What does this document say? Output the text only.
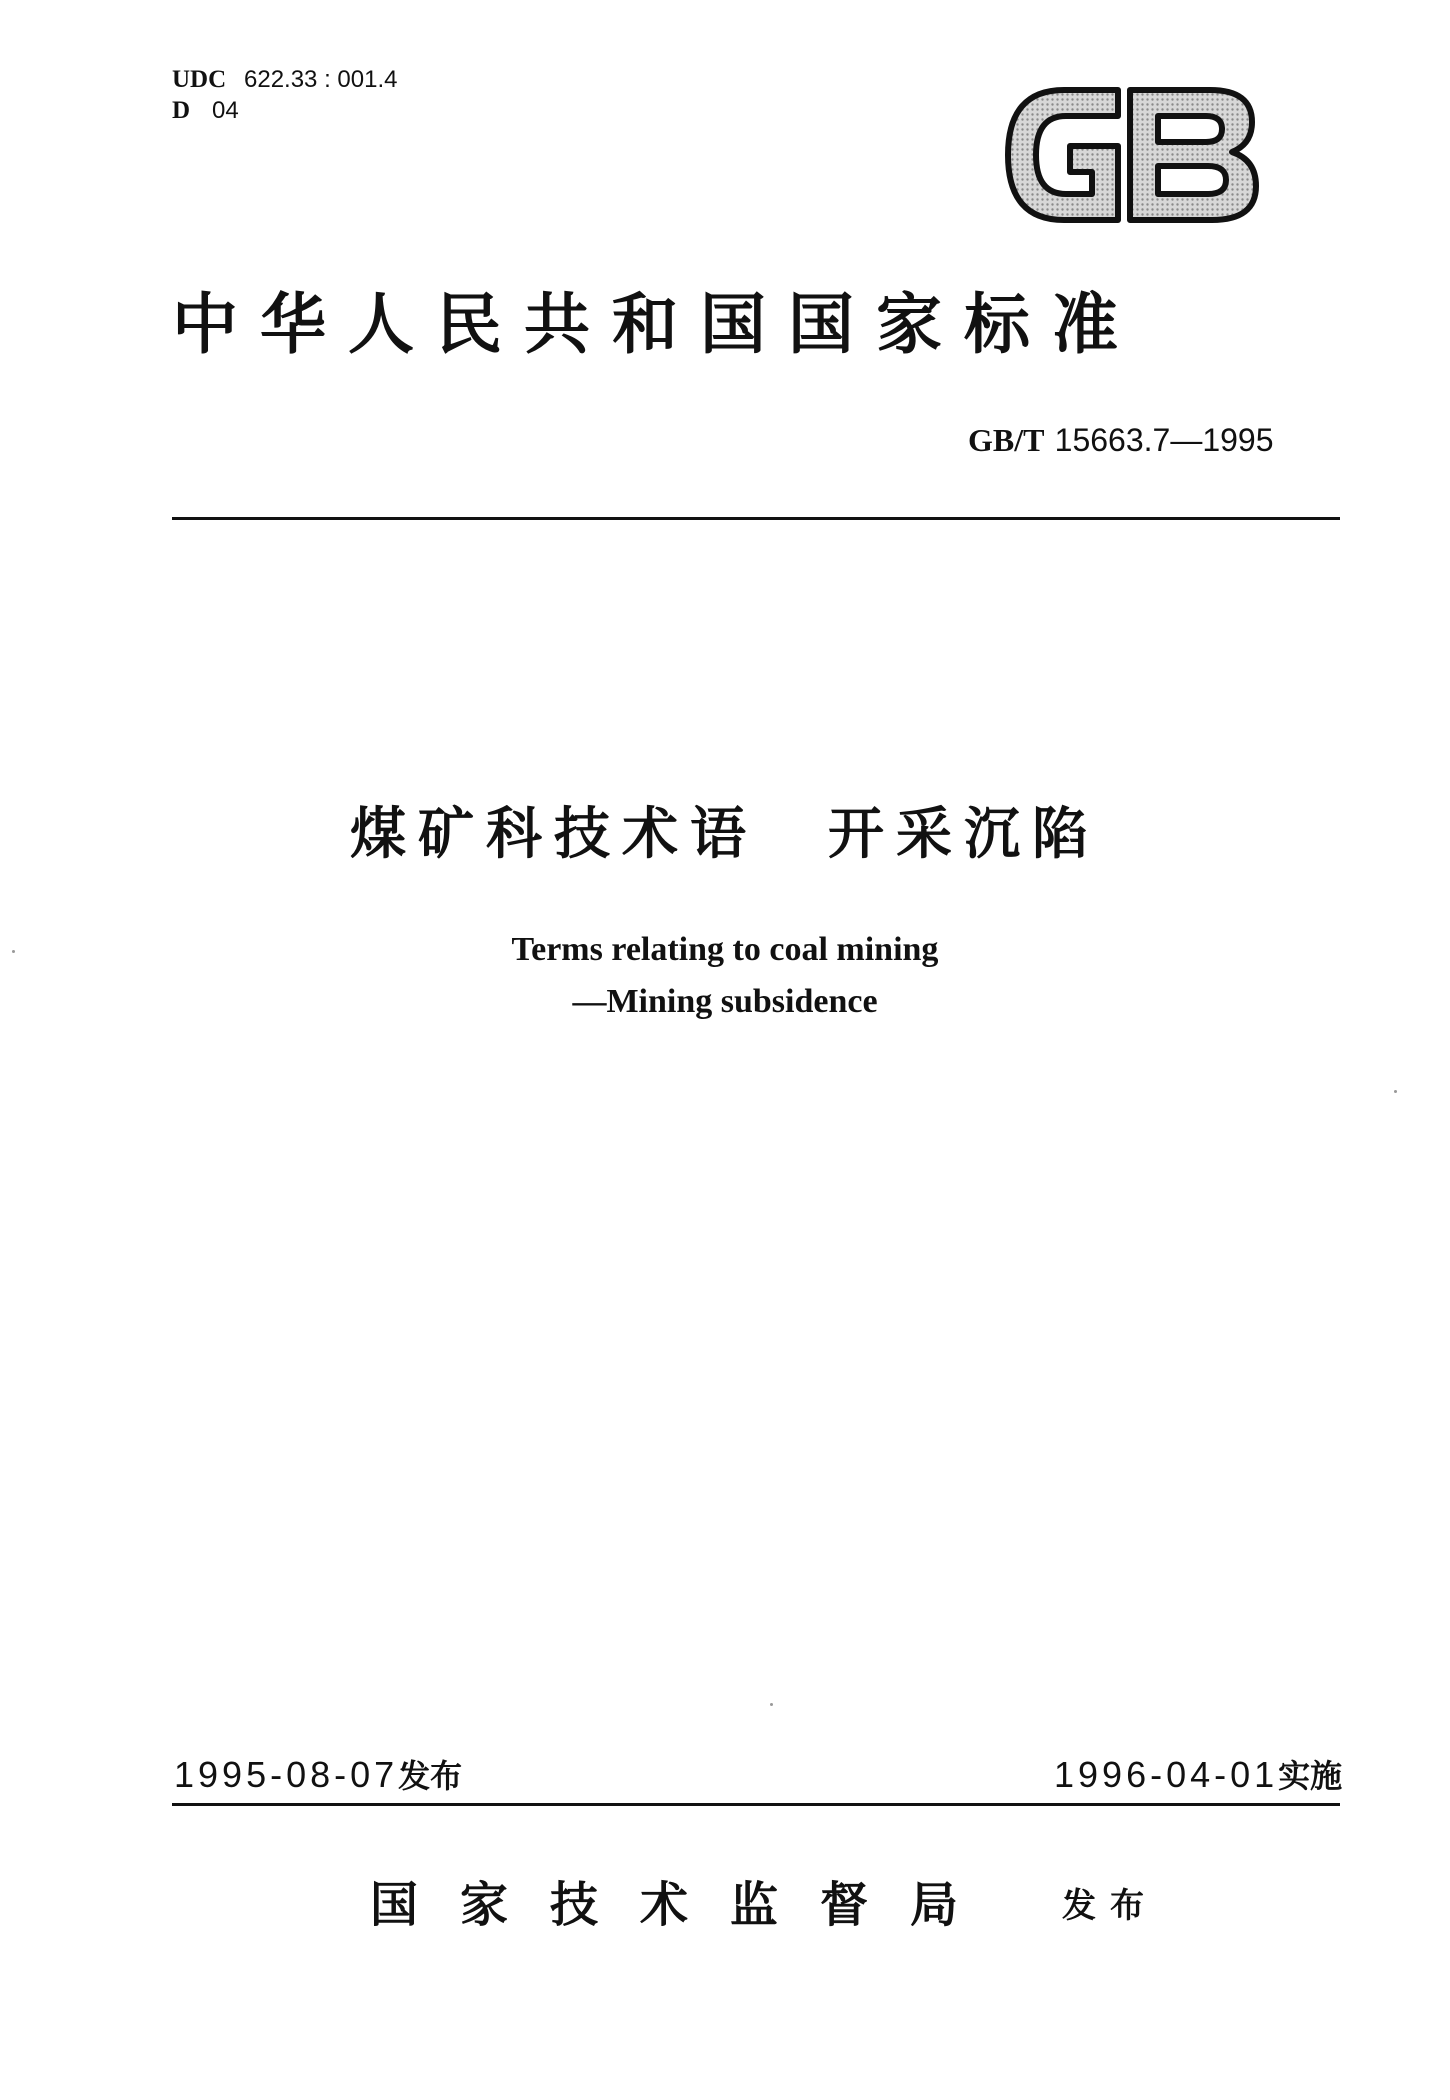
UDC 622.33 : 001.4
D 04
中华人民共和国国家标准
GB/T 15663.7—1995
煤矿科技术语 开采沉陷
Terms relating to coal mining
—Mining subsidence
1995-08-07发布	1996-04-01实施
国家技术监督局 发布
